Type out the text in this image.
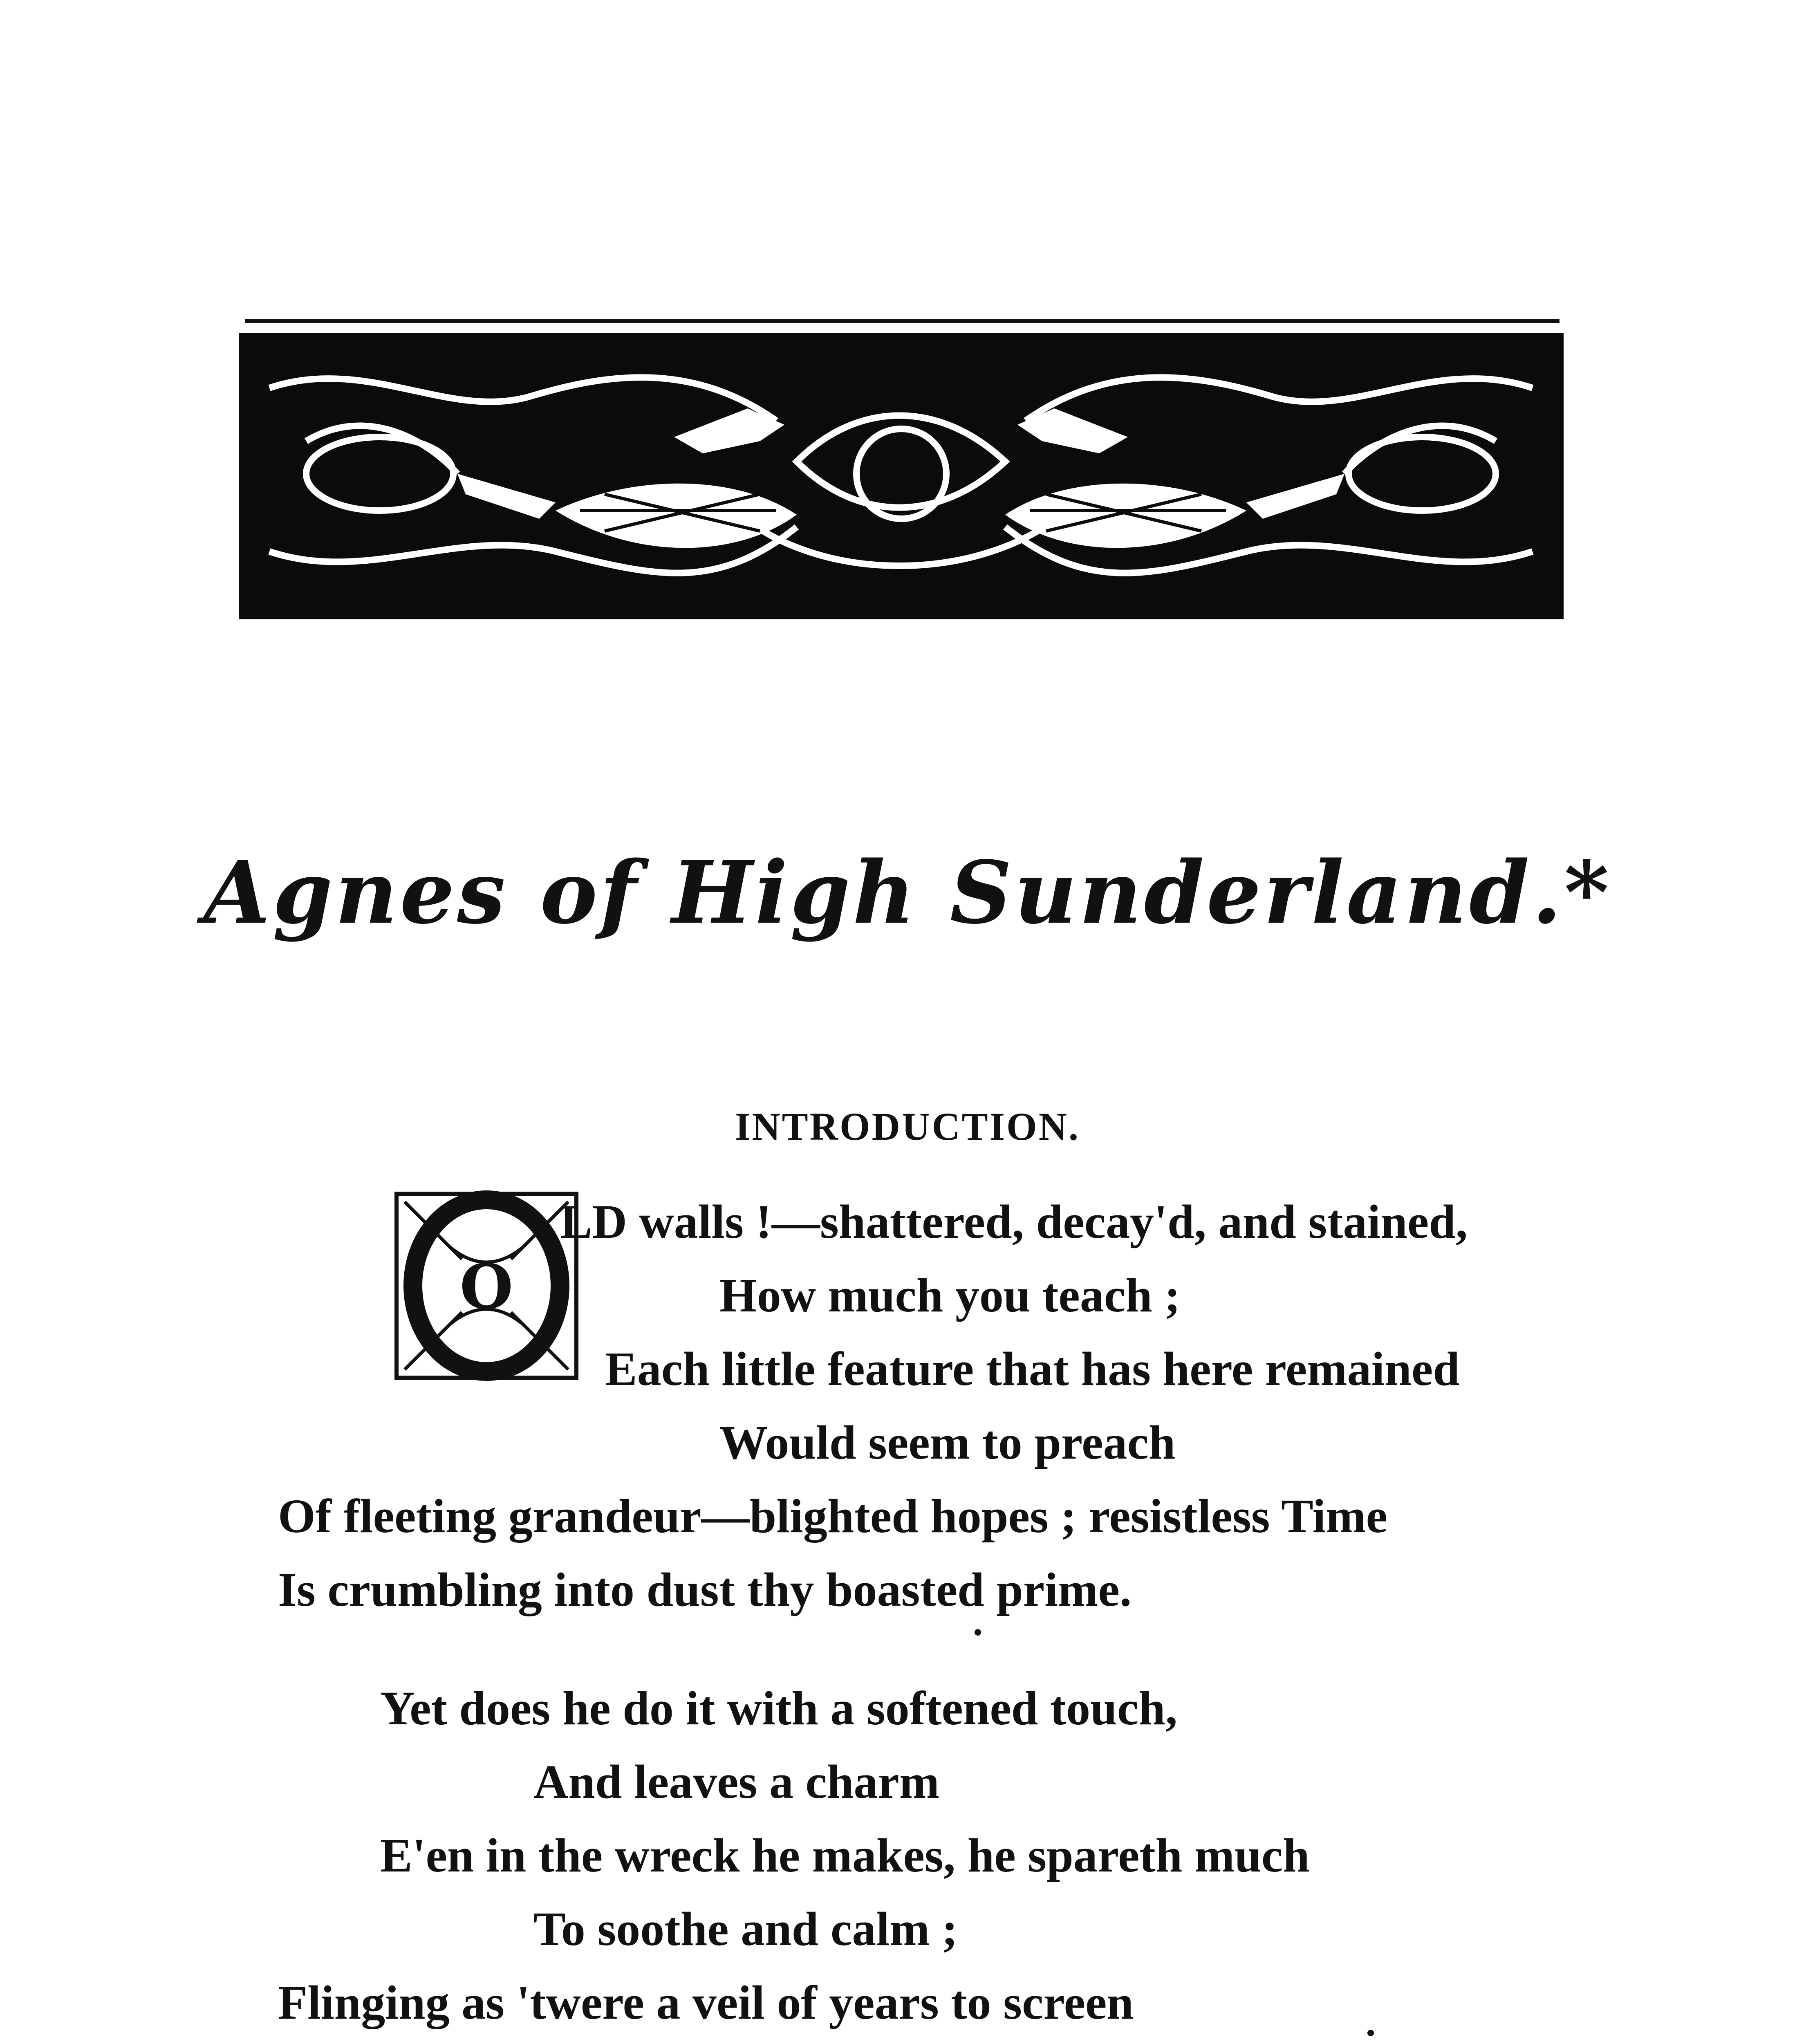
Agnes of High Sunderland.*
INTRODUCTION.
O
LD walls !—shattered, decay'd, and stained,
How much you teach ;
Each little feature that has here remained
Would seem to preach
Of fleeting grandeur—blighted hopes ; resistless Time
Is crumbling into dust thy boasted prime.
Yet does he do it with a softened touch,
And leaves a charm
E'en in the wreck he makes, he spareth much
To soothe and calm ;
Flinging as 'twere a veil of years to screen
